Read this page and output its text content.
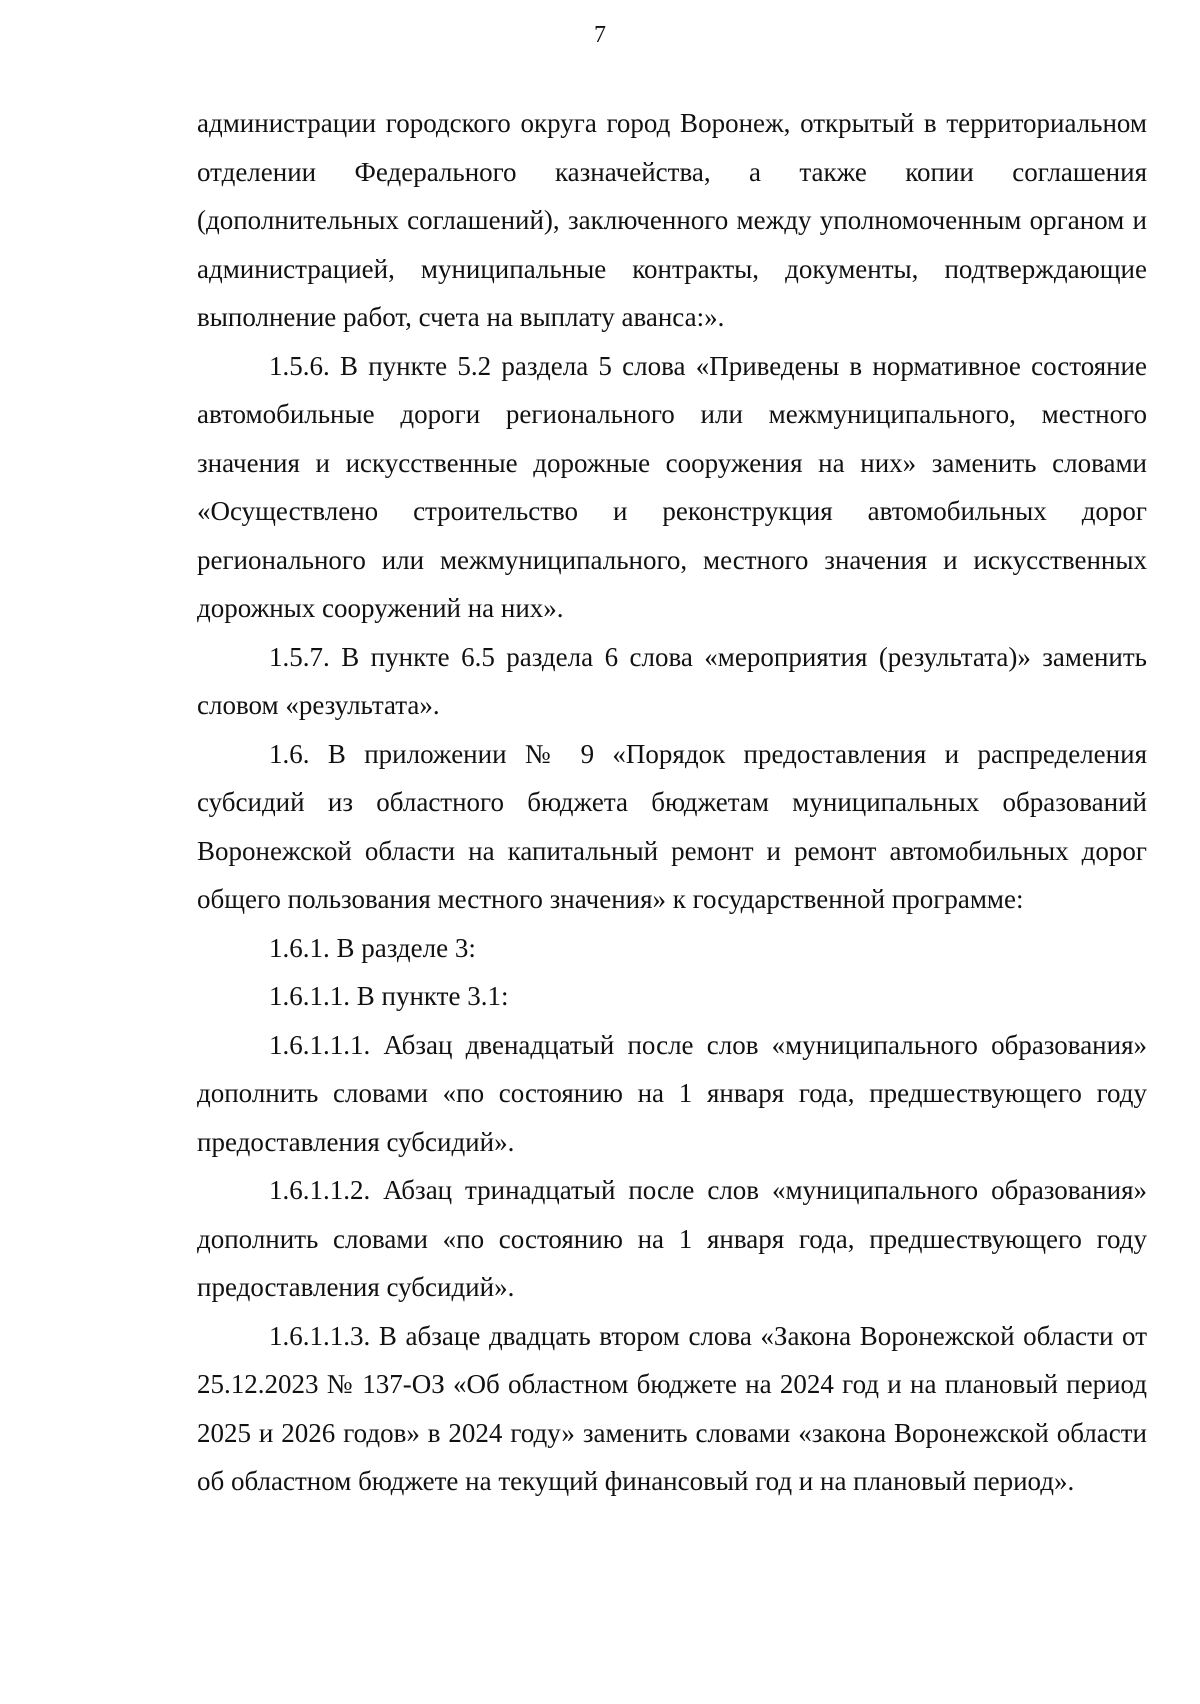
7

администрации городского округа город Воронеж, открытый в территориальном отделении Федерального казначейства, а также копии соглашения (дополнительных соглашений), заключенного между уполномоченным органом и администрацией, муниципальные контракты, документы, подтверждающие выполнение работ, счета на выплату аванса:».

1.5.6. В пункте 5.2 раздела 5 слова «Приведены в нормативное состояние автомобильные дороги регионального или межмуниципального, местного значения и искусственные дорожные сооружения на них» заменить словами «Осуществлено строительство и реконструкция автомобильных дорог регионального или межмуниципального, местного значения и искусственных дорожных сооружений на них».

1.5.7. В пункте 6.5 раздела 6 слова «мероприятия (результата)» заменить словом «результата».

1.6. В приложении № 9 «Порядок предоставления и распределения субсидий из областного бюджета бюджетам муниципальных образований Воронежской области на капитальный ремонт и ремонт автомобильных дорог общего пользования местного значения» к государственной программе:

1.6.1. В разделе 3:

1.6.1.1. В пункте 3.1:

1.6.1.1.1. Абзац двенадцатый после слов «муниципального образования» дополнить словами «по состоянию на 1 января года, предшествующего году предоставления субсидий».

1.6.1.1.2. Абзац тринадцатый после слов «муниципального образования» дополнить словами «по состоянию на 1 января года, предшествующего году предоставления субсидий».

1.6.1.1.3. В абзаце двадцать втором слова «Закона Воронежской области от 25.12.2023 № 137-ОЗ «Об областном бюджете на 2024 год и на плановый период 2025 и 2026 годов» в 2024 году» заменить словами «закона Воронежской области об областном бюджете на текущий финансовый год и на плановый период».
